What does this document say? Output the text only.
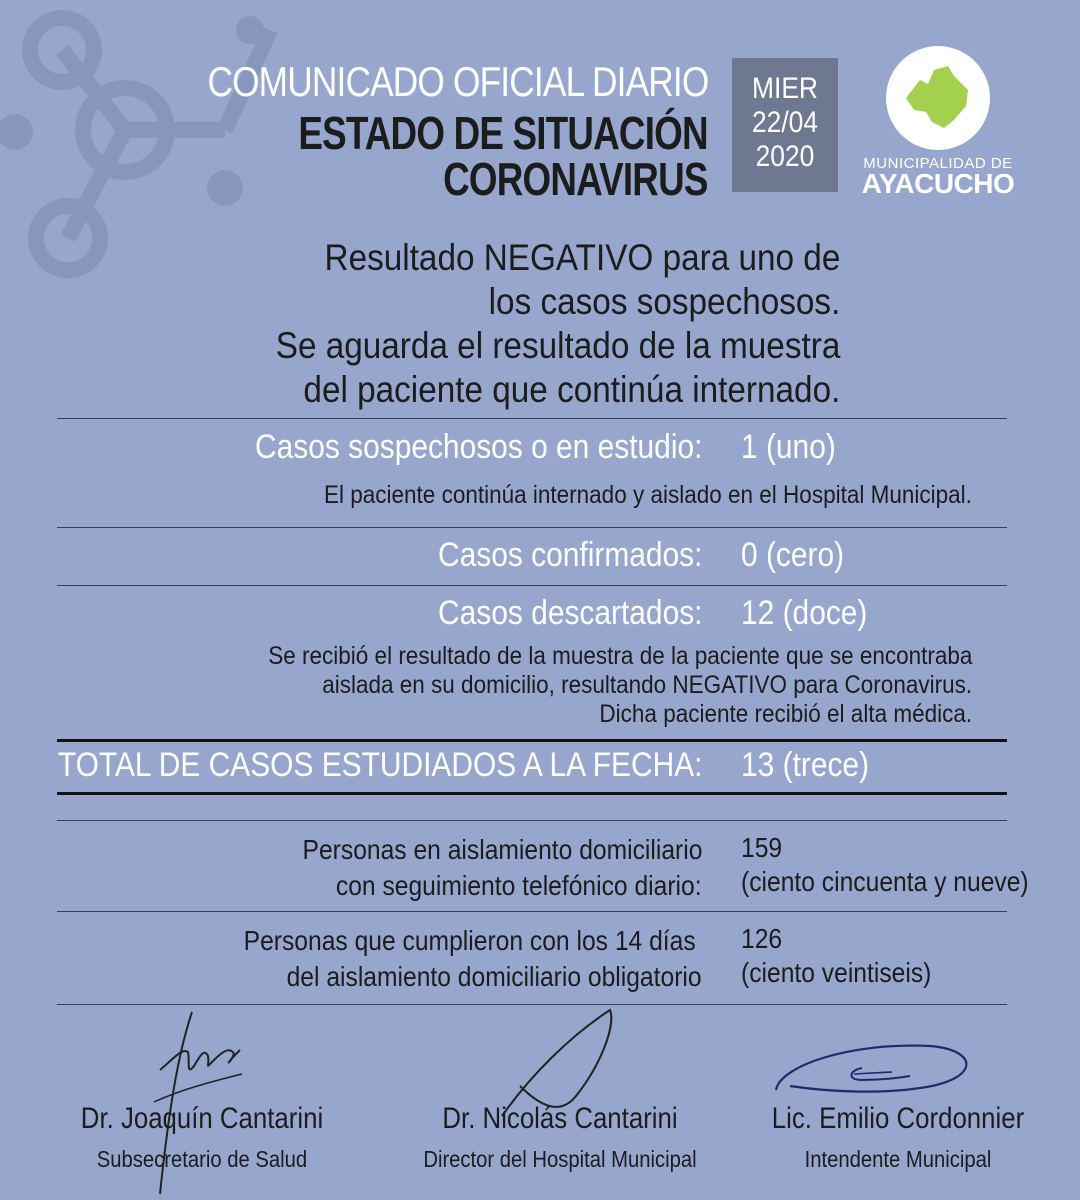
COMUNICADO OFICIAL DIARIO
ESTADO DE SITUACIÓN
CORONAVIRUS
MIER
22/04
2020	MUNICIPALIDAD DE
AYACUCHO
Resultado NEGATIVO para uno de
los casos sospechosos.
Se aguarda el resultado de la muestra
del paciente que continúa internado.
Casos sospechosos o en estudio: 1 (uno)
El paciente continúa internado y aislado en el Hospital Municipal.
Casos confirmados: 0 (cero)
Casos descartados: 12 (doce)
Se recibió el resultado de la muestra de la paciente que se encontraba
aislada en su domicilio, resultando NEGATIVO para Coronavirus.
Dicha paciente recibió el alta médica.
TOTAL DE CASOS ESTUDIADOS A LA FECHA: 13 (trece)
Personas en aislamiento domiciliario
con seguimiento telefónico diario:
159
(ciento cincuenta y nueve)
Personas que cumplieron con los 14 días
del aislamiento domiciliario obligatorio
126
(ciento veintiseis)
Dr. Joaquín Cantarini
Subsecretario de Salud
Dr. Nicolás Cantarini
Director del Hospital Municipal
Lic. Emilio Cordonnier
Intendente Municipal
